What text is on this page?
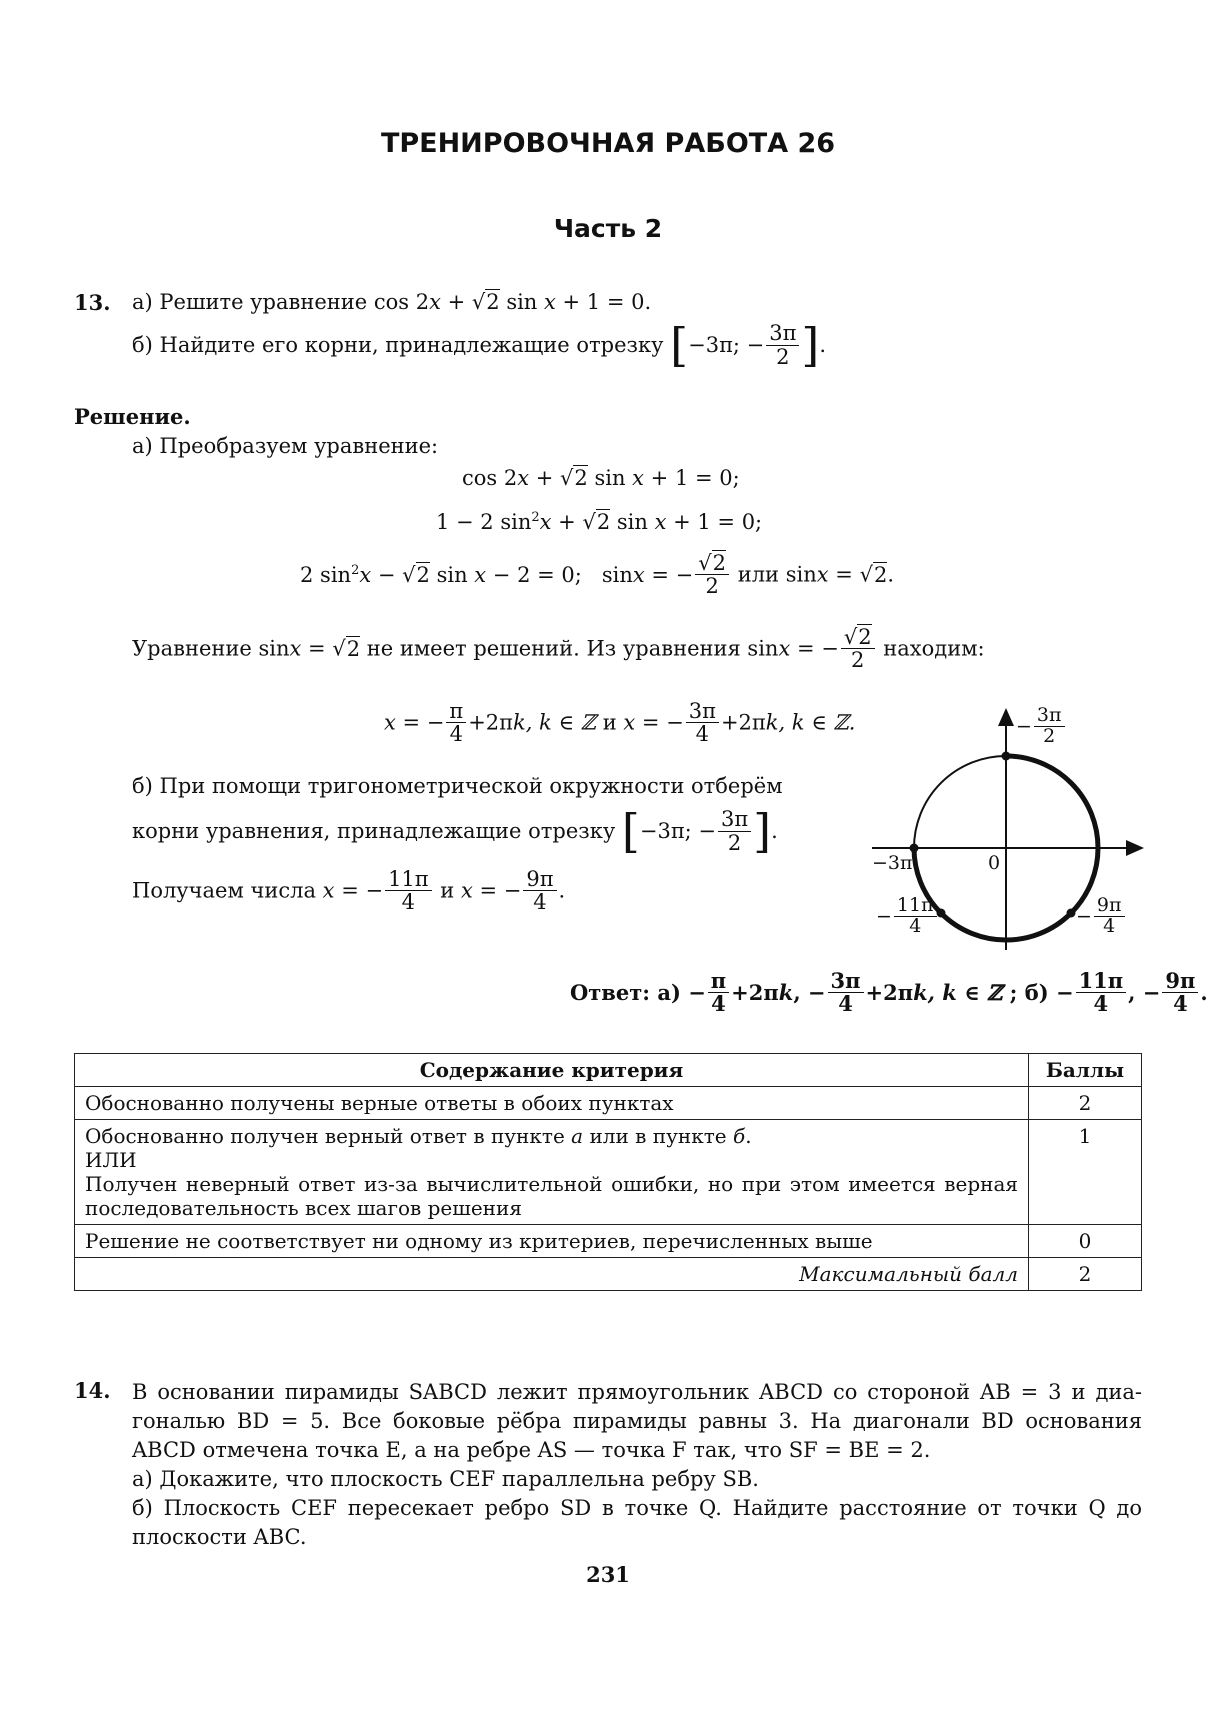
ТРЕНИРОВОЧНАЯ РАБОТА 26
Часть 2
13. а) Решите уравнение cos 2x + √2 sin x + 1 = 0.
б) Найдите его корни, принадлежащие отрезку [−3π; − $\frac{3\pi}{2}$ ].
Решение.
а) Преобразуем уравнение:
cos 2x + √2 sin x + 1 = 0;
1 − 2 $\sin^2x + √2$ sin x + 1 = 0;
2 $\sin^2x - √2$ sin x − 2 = 0; sinx = − $\frac{√2}{2}$ или sinx = √2.
Уравнение sinx = √2 не имеет решений. Из уравнения sinx = − $\frac{√2}{2}$ находим:
x = − $\frac{\pi}{4} +2\pi k$, k ∈ ℤ и x = − $\frac{3\pi}{4} +2\pi k$, k ∈ ℤ.
б) При помощи тригонометрической окружности отберём
корни уравнения, принадлежащие отрезку [−3π; − $\frac{3\pi}{2}$ ].
Получаем числа x = − $\frac{11\pi}{4}$ и x = − $\frac{9\pi}{4}$ .
− $\frac{3\pi}{2}$
−3π	0
− $\frac{11\pi}{4}$	− $\frac{9\pi}{4}$
Ответ: $а) - \frac{\pi}{4} +2\pi k$, − $\frac{3\pi}{4} +2\pi k$, k ∈ ℤ ; $б) - \frac{11\pi}{4}$ , − $\frac{9\pi}{4}$ .
Содержание критерия	Баллы
Обоснованно получены верные ответы в обоих пунктах	2
Обоснованно получен верный ответ в пункте а или в пункте б.
ИЛИ

Получен неверный ответ из-за вычислительной ошибки, но при этом имеется верная последовательность всех шагов решения	1
Решение не соответствует ни одному из критериев, перечисленных выше	0
Максимальный балл	2
14. В основании пирамиды SABCD лежит прямоугольник ABCD со стороной AB = 3 и диа-
гональю BD = 5. Все боковые рёбра пирамиды равны 3. На диагонали BD основания
ABCD отмечена точка E, а на ребре AS — точка F так, что SF = BE = 2.
а) Докажите, что плоскость CEF параллельна ребру SB.
б) Плоскость CEF пересекает ребро SD в точке Q. Найдите расстояние от точки Q до
плоскости ABC.
231
